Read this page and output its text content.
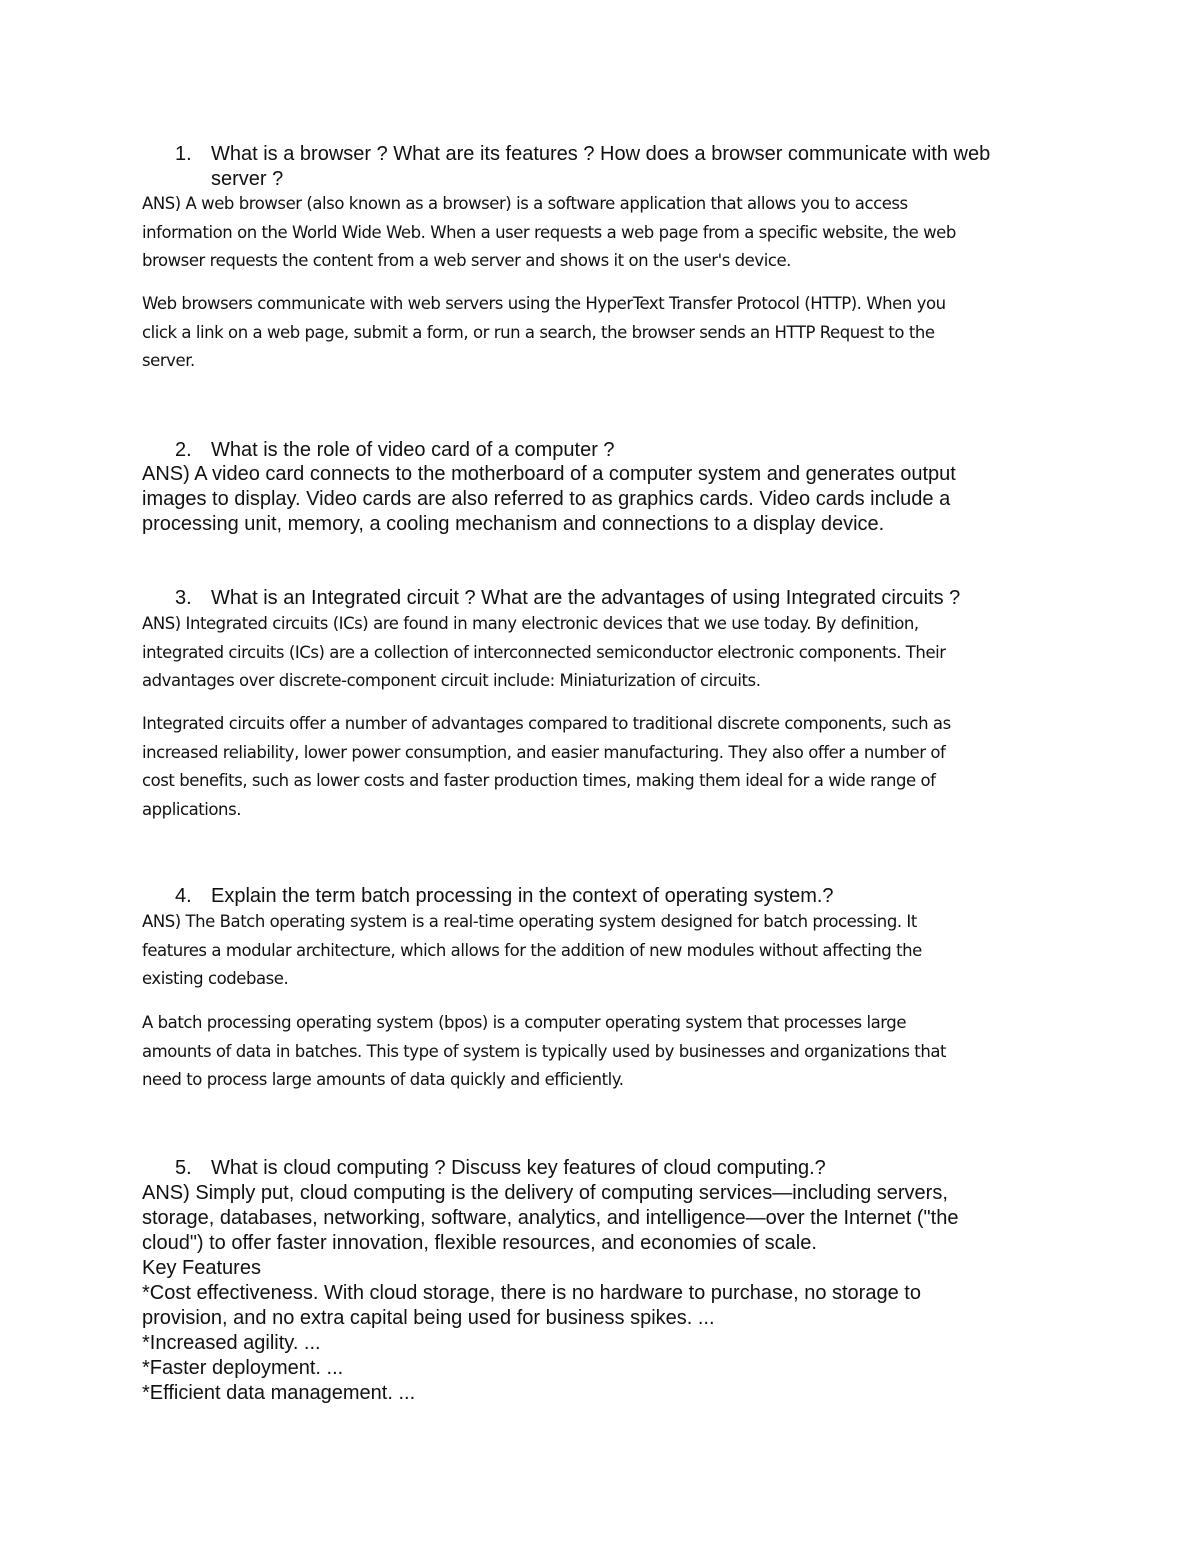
1. What is a browser ? What are its features ? How does a browser communicate with web
server ?

ANS) A web browser (also known as a browser) is a software application that allows you to access
information on the World Wide Web. When a user requests a web page from a specific website, the web
browser requests the content from a web server and shows it on the user's device.

Web browsers communicate with web servers using the HyperText Transfer Protocol (HTTP). When you
click a link on a web page, submit a form, or run a search, the browser sends an HTTP Request to the
server.

2. What is the role of video card of a computer ?

ANS) A video card connects to the motherboard of a computer system and generates output
images to display. Video cards are also referred to as graphics cards. Video cards include a
processing unit, memory, a cooling mechanism and connections to a display device.

3. What is an Integrated circuit ? What are the advantages of using Integrated circuits ?

ANS) Integrated circuits (ICs) are found in many electronic devices that we use today. By definition,
integrated circuits (ICs) are a collection of interconnected semiconductor electronic components. Their
advantages over discrete-component circuit include: Miniaturization of circuits.

Integrated circuits offer a number of advantages compared to traditional discrete components, such as
increased reliability, lower power consumption, and easier manufacturing. They also offer a number of
cost benefits, such as lower costs and faster production times, making them ideal for a wide range of
applications.

4. Explain the term batch processing in the context of operating system.?

ANS) The Batch operating system is a real-time operating system designed for batch processing. It
features a modular architecture, which allows for the addition of new modules without affecting the
existing codebase.

A batch processing operating system (bpos) is a computer operating system that processes large
amounts of data in batches. This type of system is typically used by businesses and organizations that
need to process large amounts of data quickly and efficiently.

5. What is cloud computing ? Discuss key features of cloud computing.?

ANS) Simply put, cloud computing is the delivery of computing services—including servers,
storage, databases, networking, software, analytics, and intelligence—over the Internet ("the
cloud") to offer faster innovation, flexible resources, and economies of scale.
Key Features
*Cost effectiveness. With cloud storage, there is no hardware to purchase, no storage to
provision, and no extra capital being used for business spikes. ...
*Increased agility. ...
*Faster deployment. ...
*Efficient data management. ...
